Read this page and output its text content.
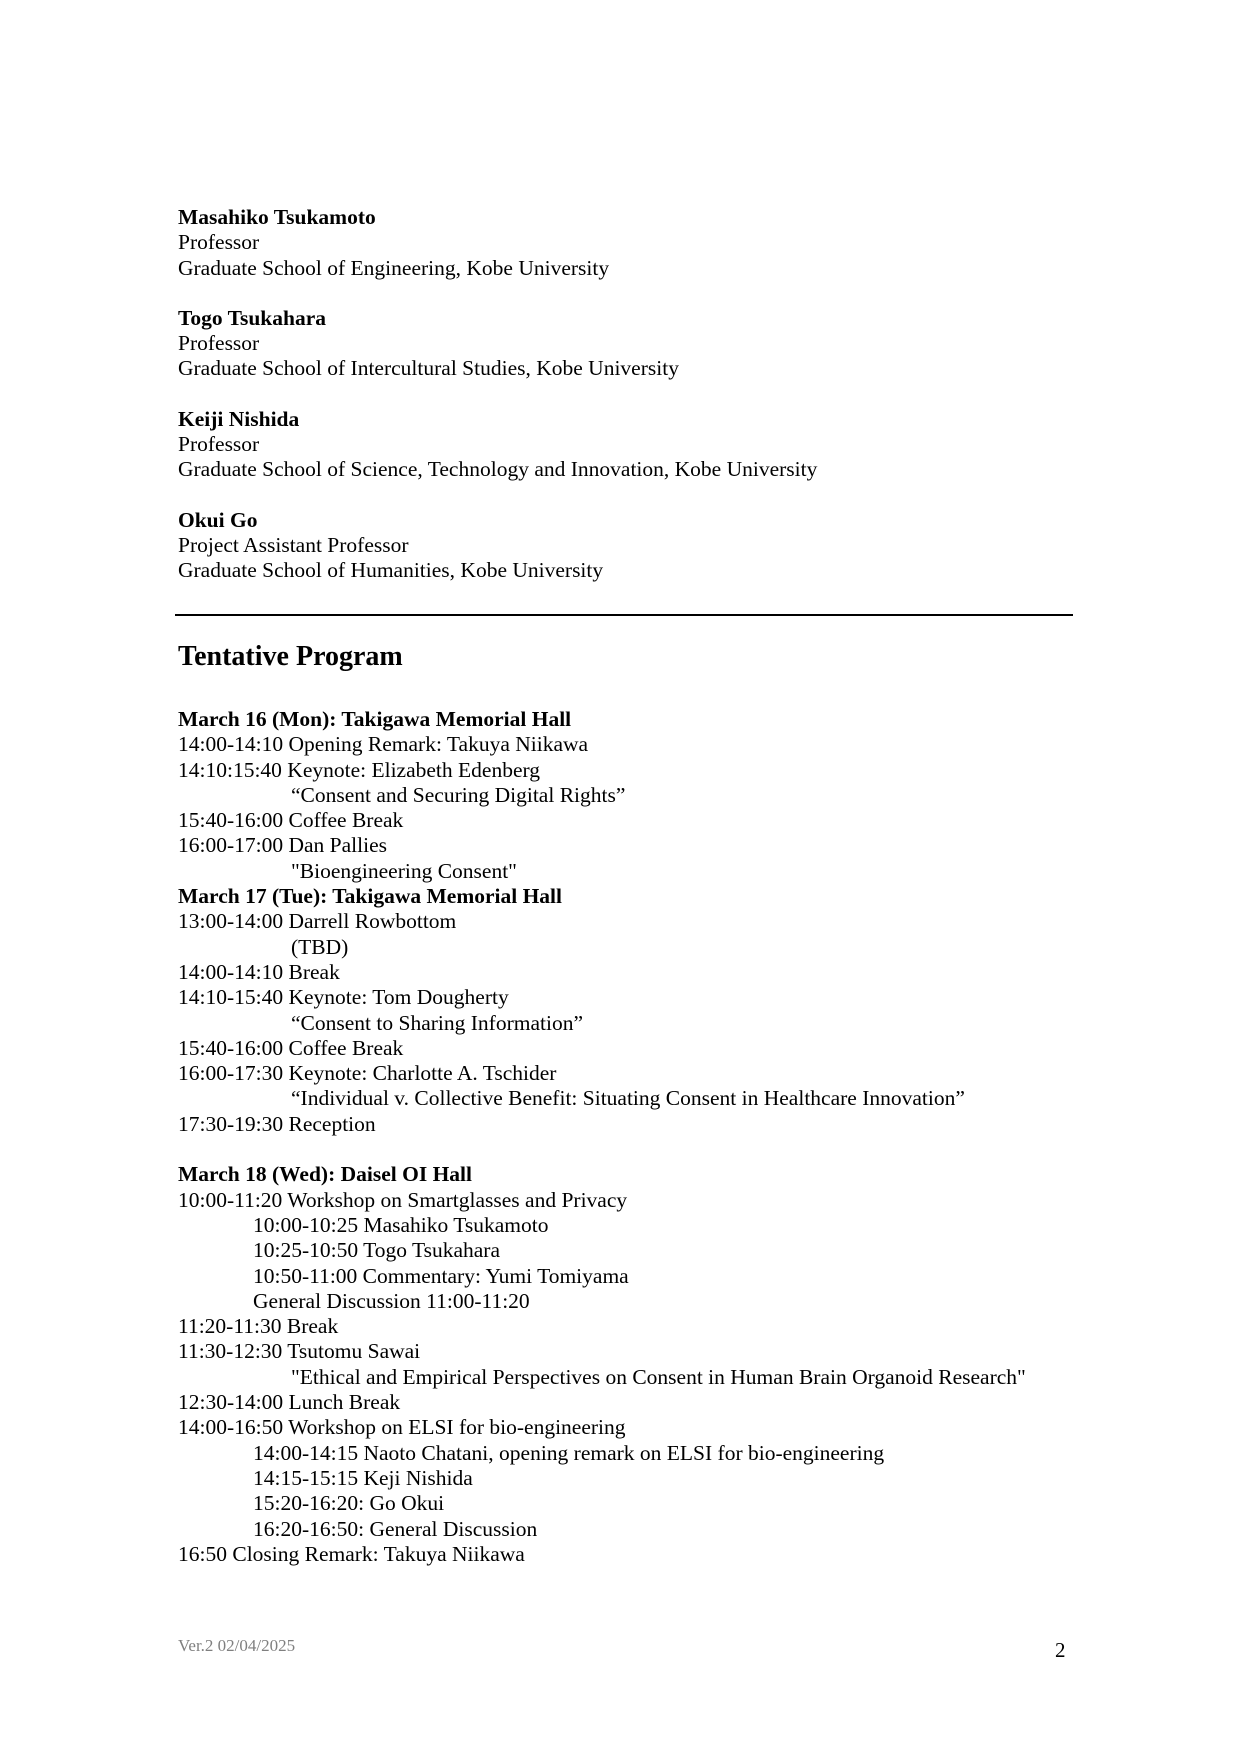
Masahiko Tsukamoto
Professor
Graduate School of Engineering, Kobe University
Togo Tsukahara
Professor
Graduate School of Intercultural Studies, Kobe University
Keiji Nishida
Professor
Graduate School of Science, Technology and Innovation, Kobe University
Okui Go
Project Assistant Professor
Graduate School of Humanities, Kobe University
Tentative Program
March 16 (Mon): Takigawa Memorial Hall
14:00-14:10 Opening Remark: Takuya Niikawa
14:10:15:40 Keynote: Elizabeth Edenberg
“Consent and Securing Digital Rights”
15:40-16:00 Coffee Break
16:00-17:00 Dan Pallies
"Bioengineering Consent"
March 17 (Tue): Takigawa Memorial Hall
13:00-14:00 Darrell Rowbottom
(TBD)
14:00-14:10 Break
14:10-15:40 Keynote: Tom Dougherty
“Consent to Sharing Information”
15:40-16:00 Coffee Break
16:00-17:30 Keynote: Charlotte A. Tschider
“Individual v. Collective Benefit: Situating Consent in Healthcare Innovation”
17:30-19:30 Reception
March 18 (Wed): Daisel OI Hall
10:00-11:20 Workshop on Smartglasses and Privacy
10:00-10:25 Masahiko Tsukamoto
10:25-10:50 Togo Tsukahara
10:50-11:00 Commentary: Yumi Tomiyama
General Discussion 11:00-11:20
11:20-11:30 Break
11:30-12:30 Tsutomu Sawai
"Ethical and Empirical Perspectives on Consent in Human Brain Organoid Research"
12:30-14:00 Lunch Break
14:00-16:50 Workshop on ELSI for bio-engineering
14:00-14:15 Naoto Chatani, opening remark on ELSI for bio-engineering
14:15-15:15 Keji Nishida
15:20-16:20: Go Okui
16:20-16:50: General Discussion
16:50 Closing Remark: Takuya Niikawa
Ver.2 02/04/2025	2
